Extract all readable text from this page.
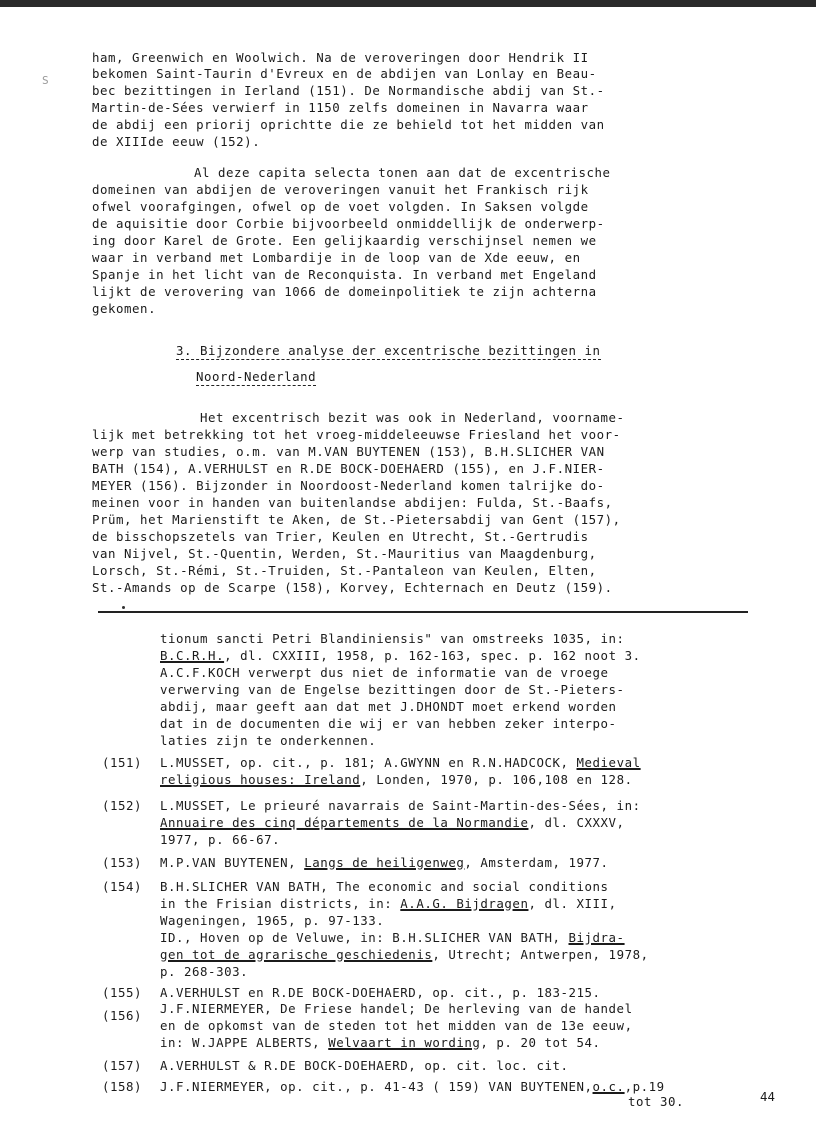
S
ham, Greenwich en Woolwich. Na de veroveringen door Hendrik II
bekomen Saint-Taurin d'Evreux en de abdijen van Lonlay en Beau-
bec bezittingen in Ierland (151). De Normandische abdij van St.-
Martin-de-Sées verwierf in 1150 zelfs domeinen in Navarra waar
de abdij een priorij oprichtte die ze behield tot het midden van
de XIIIde eeuw (152).
Al deze capita selecta tonen aan dat de excentrische
domeinen van abdijen de veroveringen vanuit het Frankisch rijk
ofwel voorafgingen, ofwel op de voet volgden. In Saksen volgde
de aquisitie door Corbie bijvoorbeeld onmiddellijk de onderwerp-
ing door Karel de Grote. Een gelijkaardig verschijnsel nemen we
waar in verband met Lombardije in de loop van de Xde eeuw, en
Spanje in het licht van de Reconquista. In verband met Engeland
lijkt de verovering van 1066 de domeinpolitiek te zijn achterna
gekomen.
3. Bijzondere analyse der excentrische bezittingen in
Noord-Nederland
Het excentrisch bezit was ook in Nederland, voorname-
lijk met betrekking tot het vroeg-middeleeuwse Friesland het voor-
werp van studies, o.m. van M.VAN BUYTENEN (153), B.H.SLICHER VAN
BATH (154), A.VERHULST en R.DE BOCK-DOEHAERD (155), en J.F.NIER-
MEYER (156). Bijzonder in Noordoost-Nederland komen talrijke do-
meinen voor in handen van buitenlandse abdijen: Fulda, St.-Baafs,
Prüm, het Marienstift te Aken, de St.-Pietersabdij van Gent (157),
de bisschopszetels van Trier, Keulen en Utrecht, St.-Gertrudis
van Nijvel, St.-Quentin, Werden, St.-Mauritius van Maagdenburg,
Lorsch, St.-Rémi, St.-Truiden, St.-Pantaleon van Keulen, Elten,
St.-Amands op de Scarpe (158), Korvey, Echternach en Deutz (159).
tionum sancti Petri Blandiniensis" van omstreeks 1035, in:
B.C.R.H., dl. CXXIII, 1958, p. 162-163, spec. p. 162 noot 3.
A.C.F.KOCH verwerpt dus niet de informatie van de vroege
verwerving van de Engelse bezittingen door de St.-Pieters-
abdij, maar geeft aan dat met J.DHONDT moet erkend worden
dat in de documenten die wij er van hebben zeker interpo-
laties zijn te onderkennen.
(151) L.MUSSET, op. cit., p. 181; A.GWYNN en R.N.HADCOCK, Medieval
religious houses: Ireland, Londen, 1970, p. 106,108 en 128.
(152) L.MUSSET, Le prieuré navarrais de Saint-Martin-des-Sées, in:
Annuaire des cinq départements de la Normandie, dl. CXXXV,
1977, p. 66-67.
(153) M.P.VAN BUYTENEN, Langs de heiligenweg, Amsterdam, 1977.
(154) B.H.SLICHER VAN BATH, The economic and social conditions
in the Frisian districts, in: A.A.G. Bijdragen, dl. XIII,
Wageningen, 1965, p. 97-133.
ID., Hoven op de Veluwe, in: B.H.SLICHER VAN BATH, Bijdra-
gen tot de agrarische geschiedenis, Utrecht; Antwerpen, 1978,
p. 268-303.
(155) A.VERHULST en R.DE BOCK-DOEHAERD, op. cit., p. 183-215.
(156) J.F.NIERMEYER, De Friese handel; De herleving van de handel
en de opkomst van de steden tot het midden van de 13e eeuw,
in: W.JAPPE ALBERTS, Welvaart in wording, p. 20 tot 54.
(157) A.VERHULST & R.DE BOCK-DOEHAERD, op. cit. loc. cit.
(158) J.F.NIERMEYER, op. cit., p. 41-43 ( 159) VAN BUYTENEN,o.c.,p.19
tot 30.	44
